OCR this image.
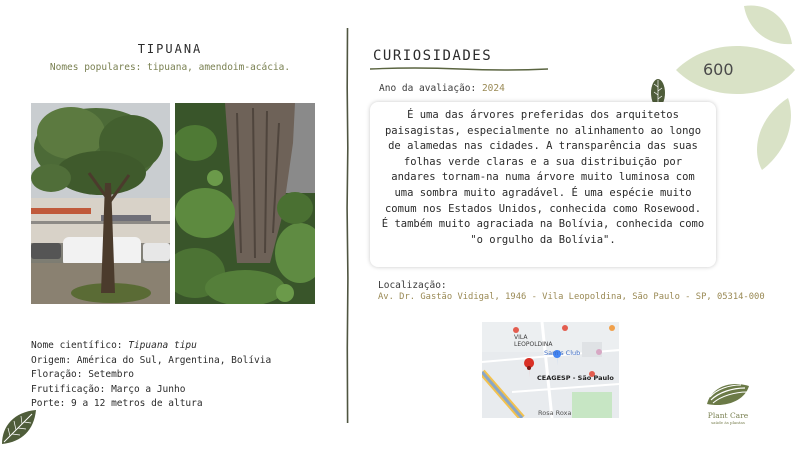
TIPUANA
Nomes populares: tipuana, amendoim-acácia.
Nome científico: Tipuana tipu
Origem: América do Sul, Argentina, Bolívia
Floração: Setembro
Frutificação: Março a Junho
Porte: 9 a 12 metros de altura
CURIOSIDADES
Ano da avaliação: 2024
É uma das árvores preferidas dos arquitetos paisagistas, especialmente no alinhamento ao longo de alamedas nas cidades. A transparência das suas folhas verde claras e a sua distribuição por andares tornam-na numa árvore muito luminosa com uma sombra muito agradável. É uma espécie muito comum nos Estados Unidos, conhecida como Rosewood. É também muito agraciada na Bolívia, conhecida como "o orgulho da Bolívia".
Localização:
Av. Dr. Gastão Vidigal, 1946 - Vila Leopoldina, São Paulo - SP, 05314-000
VILA
LEOPOLDINA
Sam's Club
CEAGESP - São Paulo
Rosa Roxa
600
Plant Care
saúde às plantas
